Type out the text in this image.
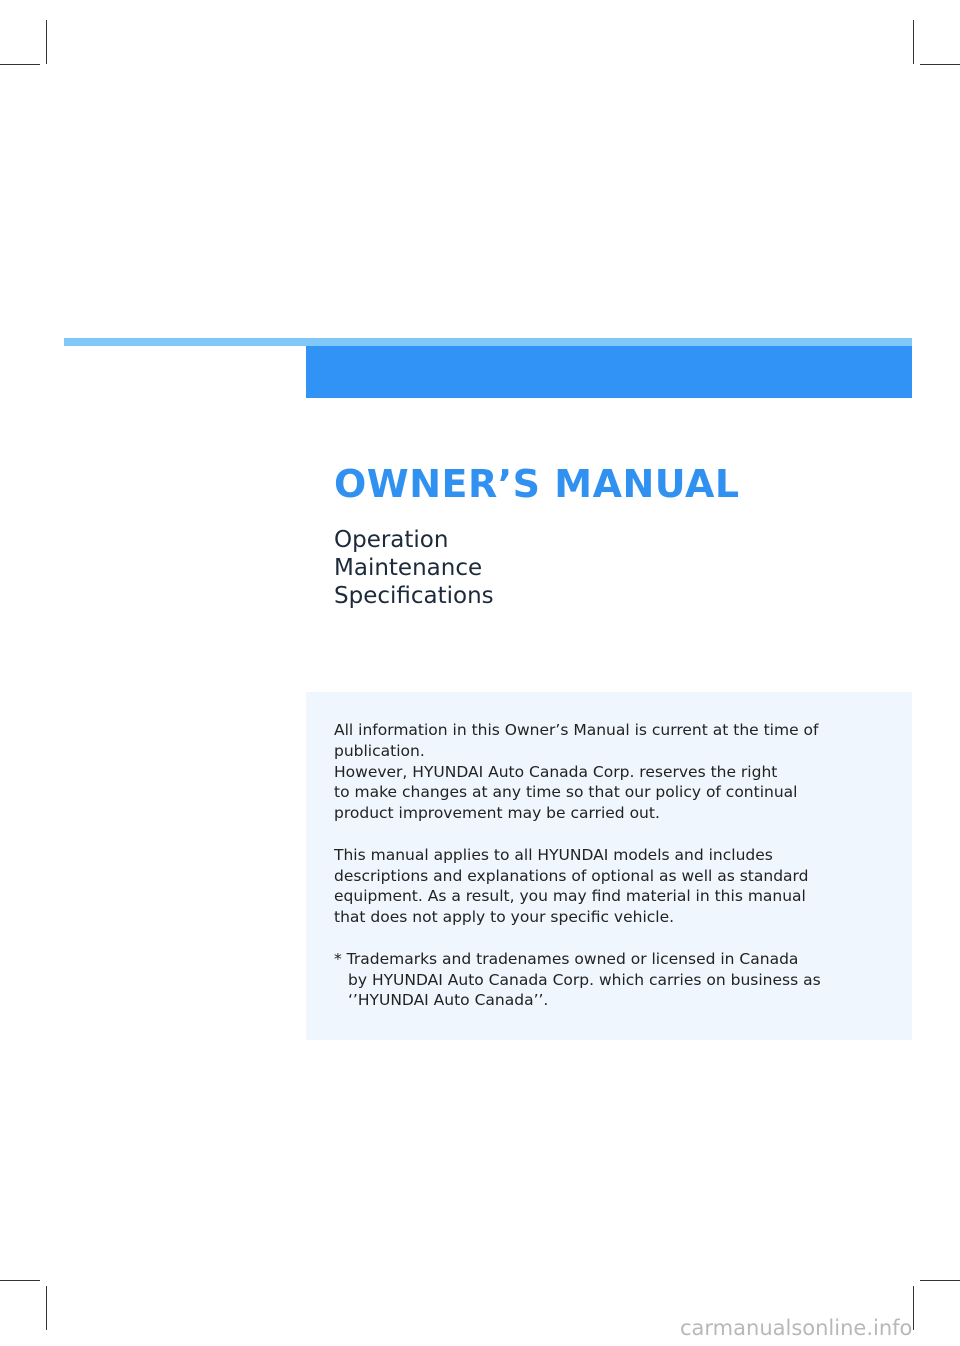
OWNER’S MANUAL
Operation
Maintenance
Specifications

All information in this Owner’s Manual is current at the time of
publication.
However, HYUNDAI Auto Canada Corp. reserves the right
to make changes at any time so that our policy of continual
product improvement may be carried out.

This manual applies to all HYUNDAI models and includes
descriptions and explanations of optional as well as standard
equipment. As a result, you may find material in this manual
that does not apply to your specific vehicle.

* Trademarks and tradenames owned or licensed in Canada
by HYUNDAI Auto Canada Corp. which carries on business as
‘’HYUNDAI Auto Canada’’.

carmanualsonline.info
